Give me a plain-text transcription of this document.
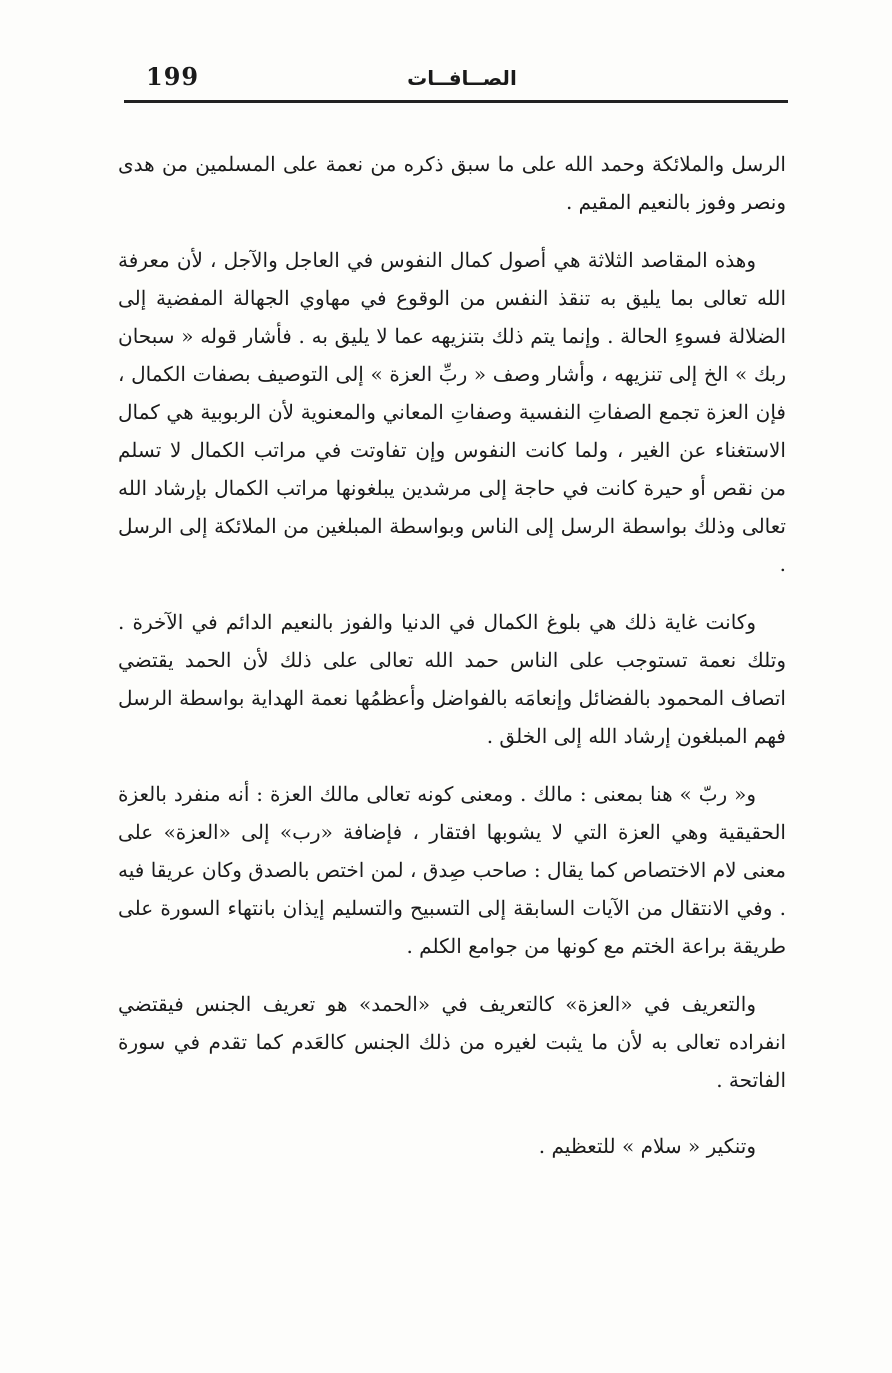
199	الصــافــات

الرسل والملائكة وحمد الله على ما سبق ذكره من نعمة على المسلمين من هدى ونصر وفوز بالنعيم المقيم .

وهذه المقاصد الثلاثة هي أصول كمال النفوس في العاجل والآجل ، لأن معرفة الله تعالى بما يليق به تنقذ النفس من الوقوع في مهاوي الجهالة المفضية إلى الضلالة فسوءِ الحالة . وإنما يتم ذلك بتنزيهه عما لا يليق به . فأشار قوله « سبحان ربك » الخ إلى تنزيهه ، وأشار وصف « ربِّ العزة » إلى التوصيف بصفات الكمال ، فإن العزة تجمع الصفاتِ النفسية وصفاتِ المعاني والمعنوية لأن الربوبية هي كمال الاستغناء عن الغير ، ولما كانت النفوس وإن تفاوتت في مراتب الكمال لا تسلم من نقص أو حيرة كانت في حاجة إلى مرشدين يبلغونها مراتب الكمال بإرشاد الله تعالى وذلك بواسطة الرسل إلى الناس وبواسطة المبلغين من الملائكة إلى الرسل .

وكانت غاية ذلك هي بلوغ الكمال في الدنيا والفوز بالنعيم الدائم في الآخرة . وتلك نعمة تستوجب على الناس حمد الله تعالى على ذلك لأن الحمد يقتضي اتصاف المحمود بالفضائل وإنعامَه بالفواضل وأعظمُها نعمة الهداية بواسطة الرسل فهم المبلغون إرشاد الله إلى الخلق .

و« ربّ » هنا بمعنى : مالك . ومعنى كونه تعالى مالك العزة : أنه منفرد بالعزة الحقيقية وهي العزة التي لا يشوبها افتقار ، فإضافة «رب» إلى «العزة» على معنى لام الاختصاص كما يقال : صاحب صِدق ، لمن اختص بالصدق وكان عريقا فيه . وفي الانتقال من الآيات السابقة إلى التسبيح والتسليم إيذان بانتهاء السورة على طريقة براعة الختم مع كونها من جوامع الكلم .

والتعريف في «العزة» كالتعريف في «الحمد» هو تعريف الجنس فيقتضي انفراده تعالى به لأن ما يثبت لغيره من ذلك الجنس كالعَدم كما تقدم في سورة الفاتحة .

وتنكير « سلام » للتعظيم .
